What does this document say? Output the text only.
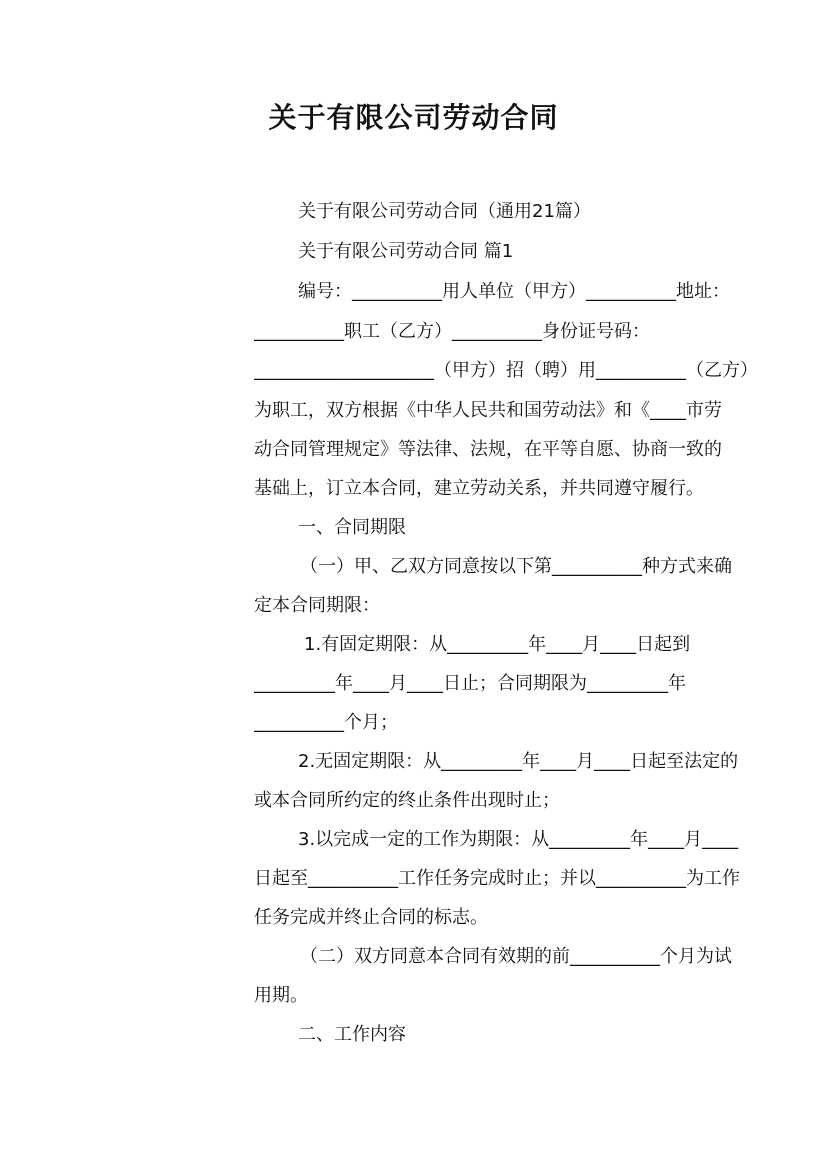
关于有限公司劳动合同
关于有限公司劳动合同（通用21篇）
关于有限公司劳动合同 篇1
编号：__________用人单位（甲方）__________地址：
__________职工（乙方）__________身份证号码：
____________________（甲方）招（聘）用__________（乙方）
为职工，双方根据《中华人民共和国劳动法》和《____市劳
动合同管理规定》等法律、法规，在平等自愿、协商一致的
基础上，订立本合同，建立劳动关系，并共同遵守履行。
一、合同期限
（一）甲、乙双方同意按以下第__________种方式来确
定本合同期限：
1.有固定期限：从_________年____月____日起到
_________年____月____日止；合同期限为_________年
__________个月；
2.无固定期限：从_________年____月____日起至法定的
或本合同所约定的终止条件出现时止；
3.以完成一定的工作为期限：从_________年____月____
日起至__________工作任务完成时止；并以__________为工作
任务完成并终止合同的标志。
（二）双方同意本合同有效期的前__________个月为试
用期。
二、工作内容
